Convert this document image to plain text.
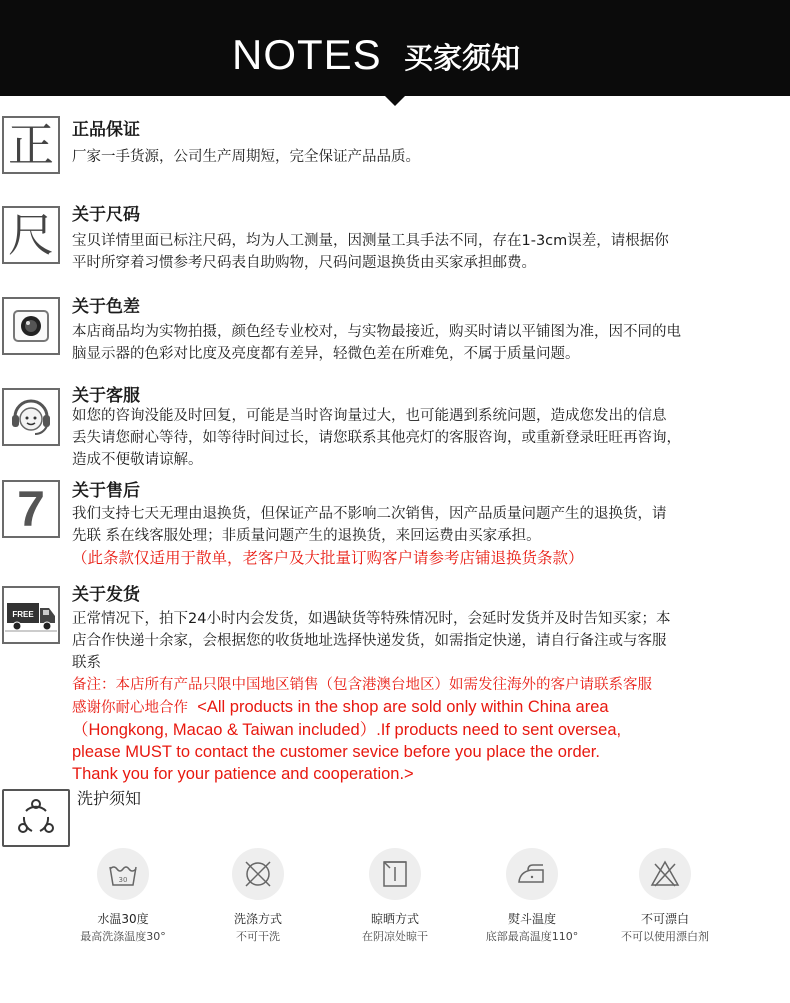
NOTES 买家须知
正 正品保证

厂家一手货源，公司生产周期短，完全保证产品品质。

尺 关于尺码

宝贝详情里面已标注尺码，均为人工测量，因测量工具手法不同，存在1-3cm误差，请根据你

平时所穿着习惯参考尺码表自助购物，尺码问题退换货由买家承担邮费。

关于色差

本店商品均为实物拍摄，颜色经专业校对，与实物最接近，购买时请以平铺图为准，因不同的电

脑显示器的色彩对比度及亮度都有差异，轻微色差在所难免，不属于质量问题。

关于客服

如您的咨询没能及时回复，可能是当时咨询量过大，也可能遇到系统问题，造成您发出的信息

丢失请您耐心等待，如等待时间过长，请您联系其他亮灯的客服咨询，或重新登录旺旺再咨询，

造成不便敬请谅解。

7 关于售后

我们支持七天无理由退换货，但保证产品不影响二次销售，因产品质量问题产生的退换货，请

先联 系在线客服处理；非质量问题产生的退换货，来回运费由买家承担。

（此条款仅适用于散单，老客户及大批量订购客户请参考店铺退换货条款）

FREE
关于发货

正常情况下，拍下24小时内会发货，如遇缺货等特殊情况时，会延时发货并及时告知买家；本

店合作快递十余家，会根据您的收货地址选择快递发货，如需指定快递，请自行备注或与客服

联系

备注：本店所有产品只限中国地区销售（包含港澳台地区）如需发往海外的客户请联系客服

感谢你耐心地合作 <All products in the shop are sold only within China area

（Hongkong, Macao & Taiwan included）.If products need to sent oversea,

please MUST to contact the customer sevice before you place the order.

Thank you for your patience and cooperation.>

洗护须知
30
水温30度
最高洗涤温度30°
洗涤方式
不可干洗
晾晒方式
在阴凉处晾干
熨斗温度
底部最高温度110°
不可漂白
不可以使用漂白剂
